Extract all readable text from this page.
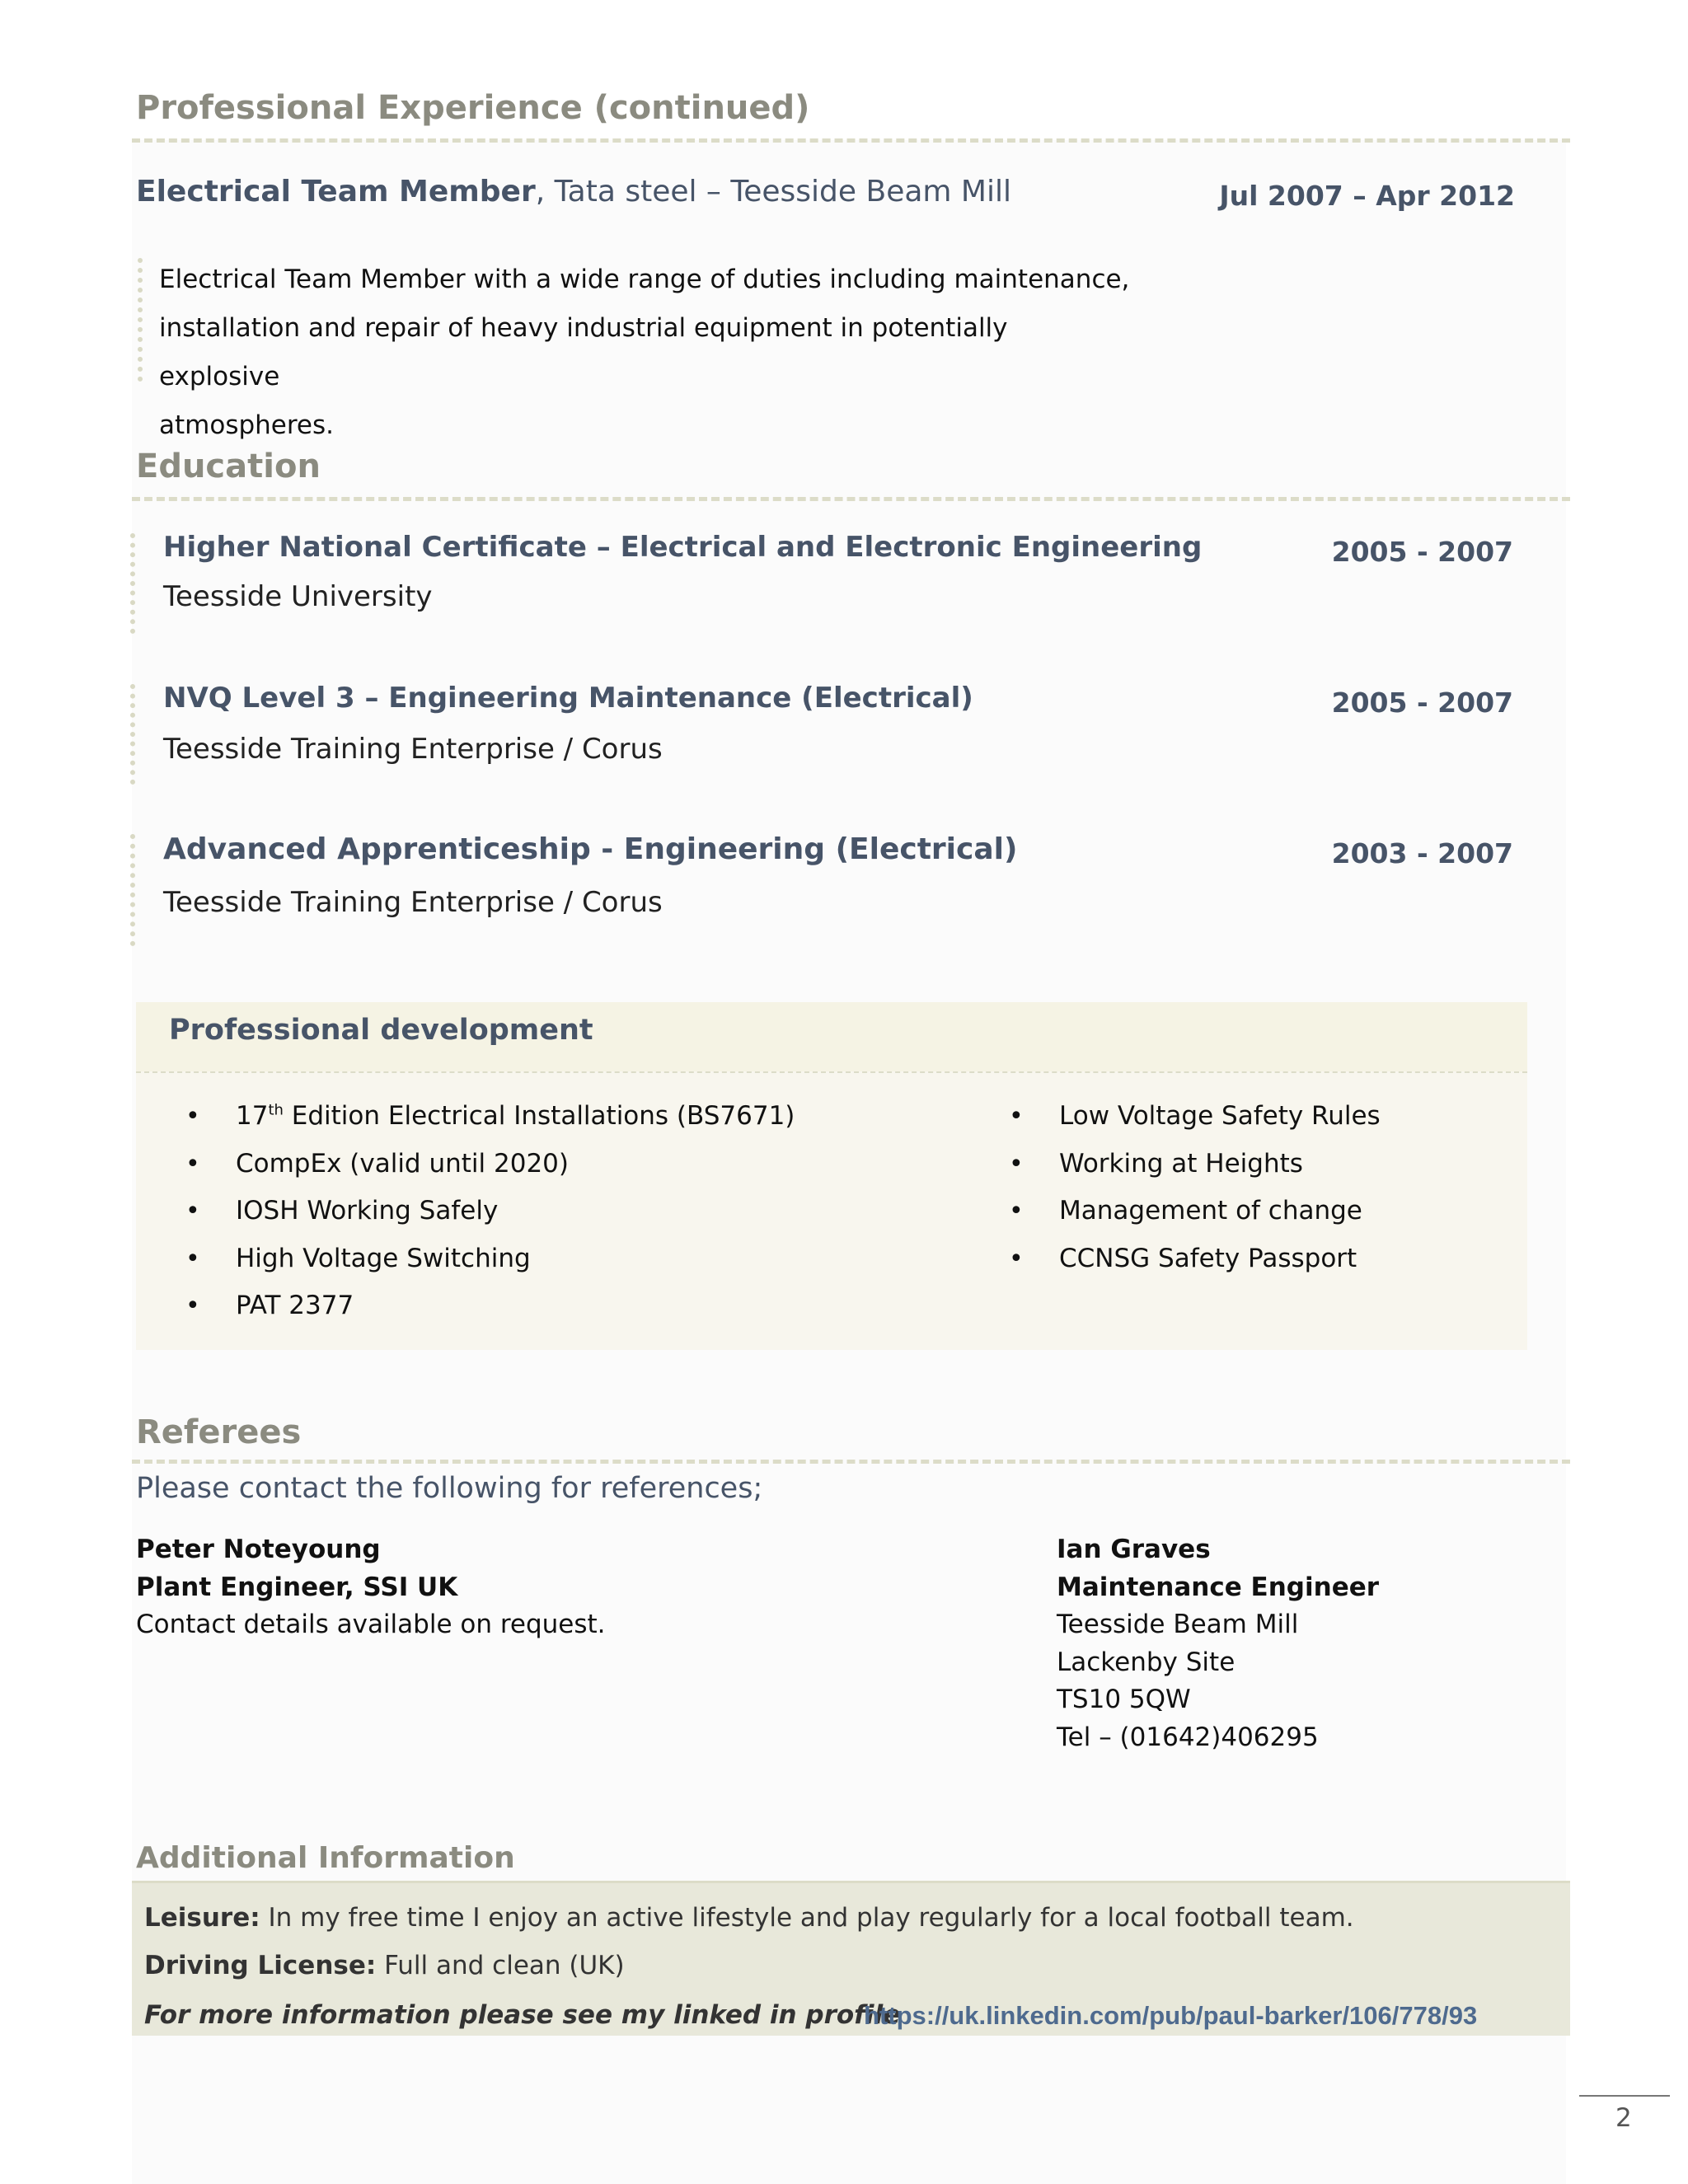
Professional Experience (continued)
Electrical Team Member, Tata steel – Teesside Beam Mill	Jul 2007 – Apr 2012
Electrical Team Member with a wide range of duties including maintenance,
installation and repair of heavy industrial equipment in potentially explosive
atmospheres.
Education
Higher National Certificate – Electrical and Electronic Engineering	2005 - 2007
Teesside University
NVQ Level 3 – Engineering Maintenance (Electrical)	2005 - 2007
Teesside Training Enterprise / Corus
Advanced Apprenticeship - Engineering (Electrical)	2003 - 2007
Teesside Training Enterprise / Corus
Professional development
• 17th Edition Electrical Installations (BS7671)
• CompEx (valid until 2020)
• IOSH Working Safely
• High Voltage Switching
• PAT 2377
• Low Voltage Safety Rules
• Working at Heights
• Management of change
• CCNSG Safety Passport
Referees
Please contact the following for references;
Peter Noteyoung
Plant Engineer, SSI UK
Contact details available on request.
Ian Graves
Maintenance Engineer
Teesside Beam Mill
Lackenby Site
TS10 5QW
Tel – (01642)406295
Additional Information
Leisure: In my free time I enjoy an active lifestyle and play regularly for a local football team.
Driving License: Full and clean (UK)
For more information please see my linked in profile
https://uk.linkedin.com/pub/paul-barker/106/778/93
2
